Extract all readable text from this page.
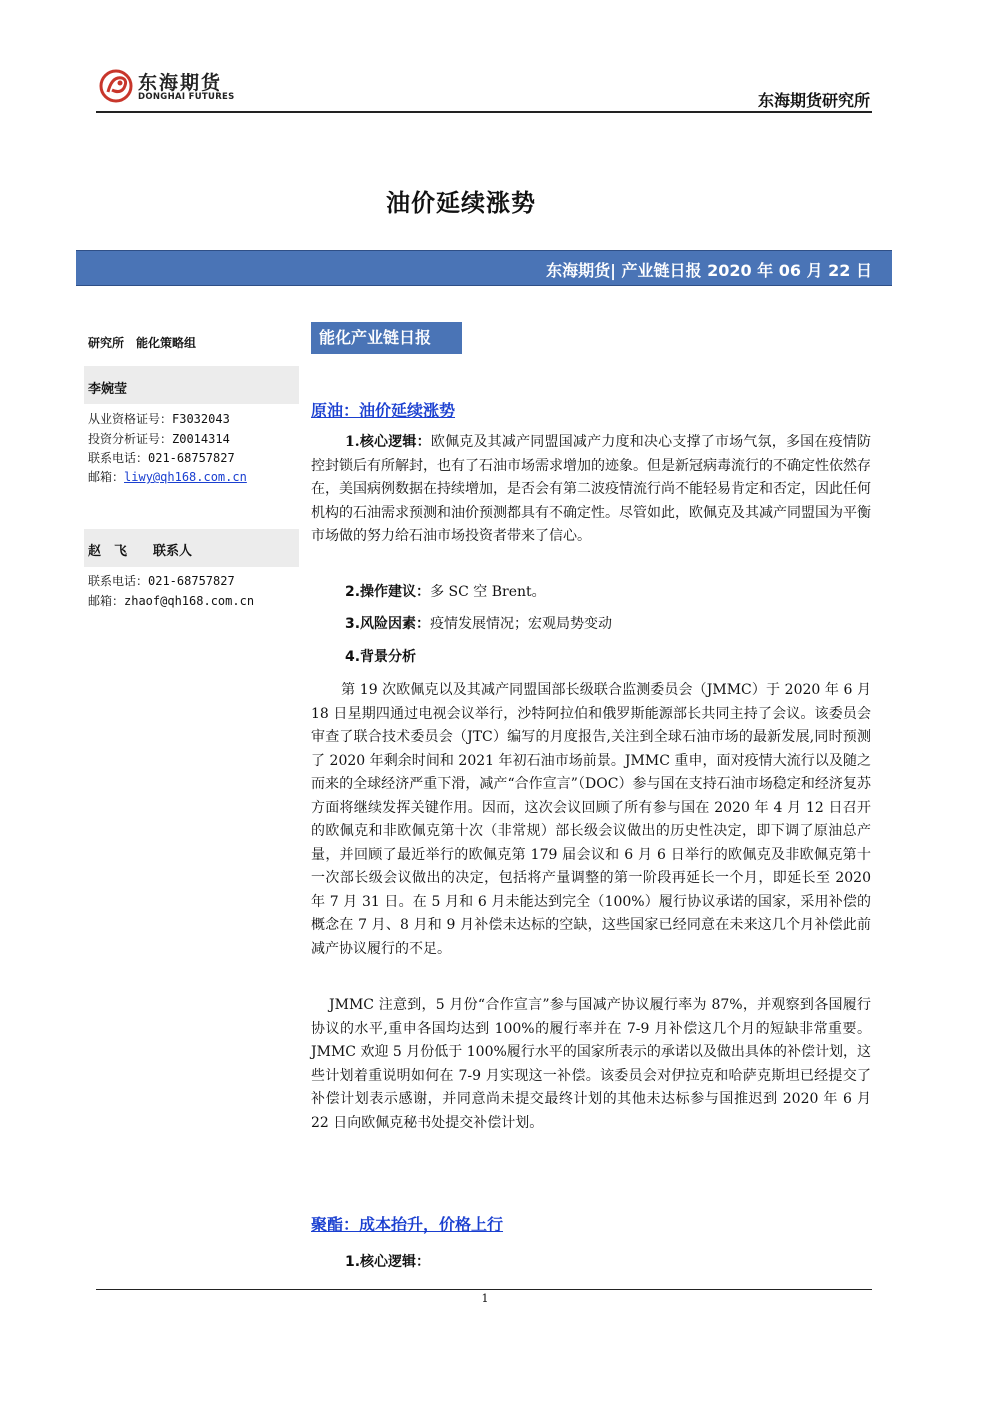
东海期货
DONGHAI FUTURES	东海期货研究所
油价延续涨势
东海期货| 产业链日报 2020 年 06 月 22 日
研究所　能化策略组
李婉莹
从业资格证号：F3032043
投资分析证号：Z0014314
联系电话：021-68757827
邮箱：liwy@qh168.com.cn
赵　飞　　联系人
联系电话：021-68757827
邮箱：zhaof@qh168.com.cn
能化产业链日报
原油：油价延续涨势
1.核心逻辑：欧佩克及其减产同盟国减产力度和决心支撑了市场气氛，多国在疫情防控封锁后有所解封，也有了石油市场需求增加的迹象。但是新冠病毒流行的不确定性依然存在，美国病例数据在持续增加，是否会有第二波疫情流行尚不能轻易肯定和否定，因此任何机构的石油需求预测和油价预测都具有不确定性。尽管如此，欧佩克及其减产同盟国为平衡市场做的努力给石油市场投资者带来了信心。
2.操作建议：多 SC 空 Brent。
3.风险因素：疫情发展情况；宏观局势变动
4.背景分析
第 19 次欧佩克以及其减产同盟国部长级联合监测委员会（JMMC）于 2020 年 6 月 18 日星期四通过电视会议举行，沙特阿拉伯和俄罗斯能源部长共同主持了会议。该委员会审查了联合技术委员会（JTC）编写的月度报告,关注到全球石油市场的最新发展,同时预测了 2020 年剩余时间和 2021 年初石油市场前景。JMMC 重申，面对疫情大流行以及随之而来的全球经济严重下滑，减产“合作宣言”（DOC）参与国在支持石油市场稳定和经济复苏方面将继续发挥关键作用。因而，这次会议回顾了所有参与国在 2020 年 4 月 12 日召开的欧佩克和非欧佩克第十次（非常规）部长级会议做出的历史性决定，即下调了原油总产量，并回顾了最近举行的欧佩克第 179 届会议和 6 月 6 日举行的欧佩克及非欧佩克第十一次部长级会议做出的决定，包括将产量调整的第一阶段再延长一个月，即延长至 2020 年 7 月 31 日。在 5 月和 6 月未能达到完全（100%）履行协议承诺的国家，采用补偿的概念在 7 月、8 月和 9 月补偿未达标的空缺，这些国家已经同意在未来这几个月补偿此前减产协议履行的不足。
JMMC 注意到，5 月份“合作宣言”参与国减产协议履行率为 87%，并观察到各国履行协议的水平,重申各国均达到 100%的履行率并在 7-9 月补偿这几个月的短缺非常重要。JMMC 欢迎 5 月份低于 100%履行水平的国家所表示的承诺以及做出具体的补偿计划，这些计划着重说明如何在 7-9 月实现这一补偿。该委员会对伊拉克和哈萨克斯坦已经提交了补偿计划表示感谢，并同意尚未提交最终计划的其他未达标参与国推迟到 2020 年 6 月 22 日向欧佩克秘书处提交补偿计划。
聚酯：成本抬升，价格上行
1.核心逻辑：
1
